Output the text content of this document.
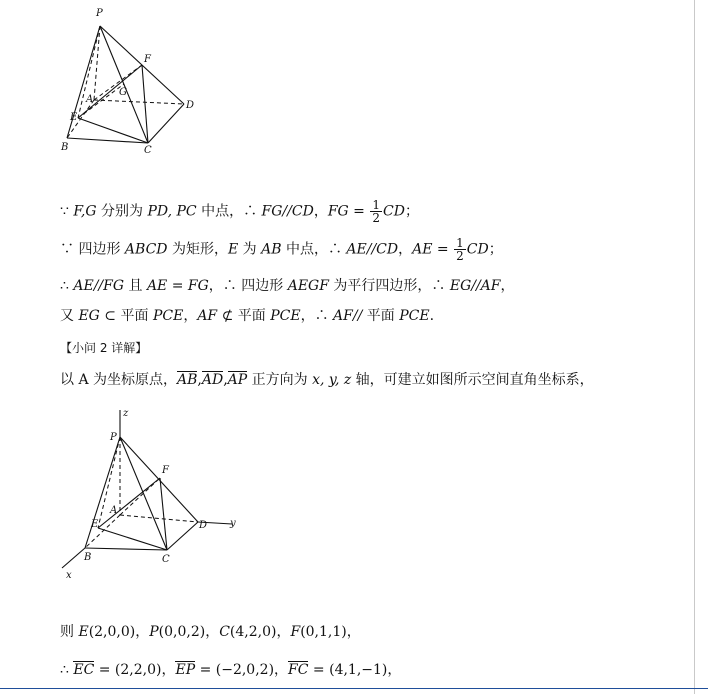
P
F
A
G
E
D
B	C
∵ F,G 分别为 PD, PC 中点，∴ FG//CD，FG = $\frac{1}{2}$ CD；
∵ 四边形 ABCD 为矩形，E 为 AB 中点，∴ AE//CD，AE = $\frac{1}{2}$ CD；
∴ AE//FG 且 AE = FG，∴ 四边形 AEGF 为平行四边形，∴ EG//AF，
又 EG ⊂ 平面 PCE，AF ⊄ 平面 PCE，∴ AF// 平面 PCE.
【小问 2 详解】
以 A 为坐标原点，AB,AD,AP 正方向为 x, y, z 轴，可建立如图所示空间直角坐标系，
z
P
F
A
E	D y
B	C
x
则 E(2,0,0)，P(0,0,2)，C(4,2,0)，F(0,1,1)，
∴ EC = (2,2,0)，EP = (−2,0,2)，FC = (4,1,−1)，
